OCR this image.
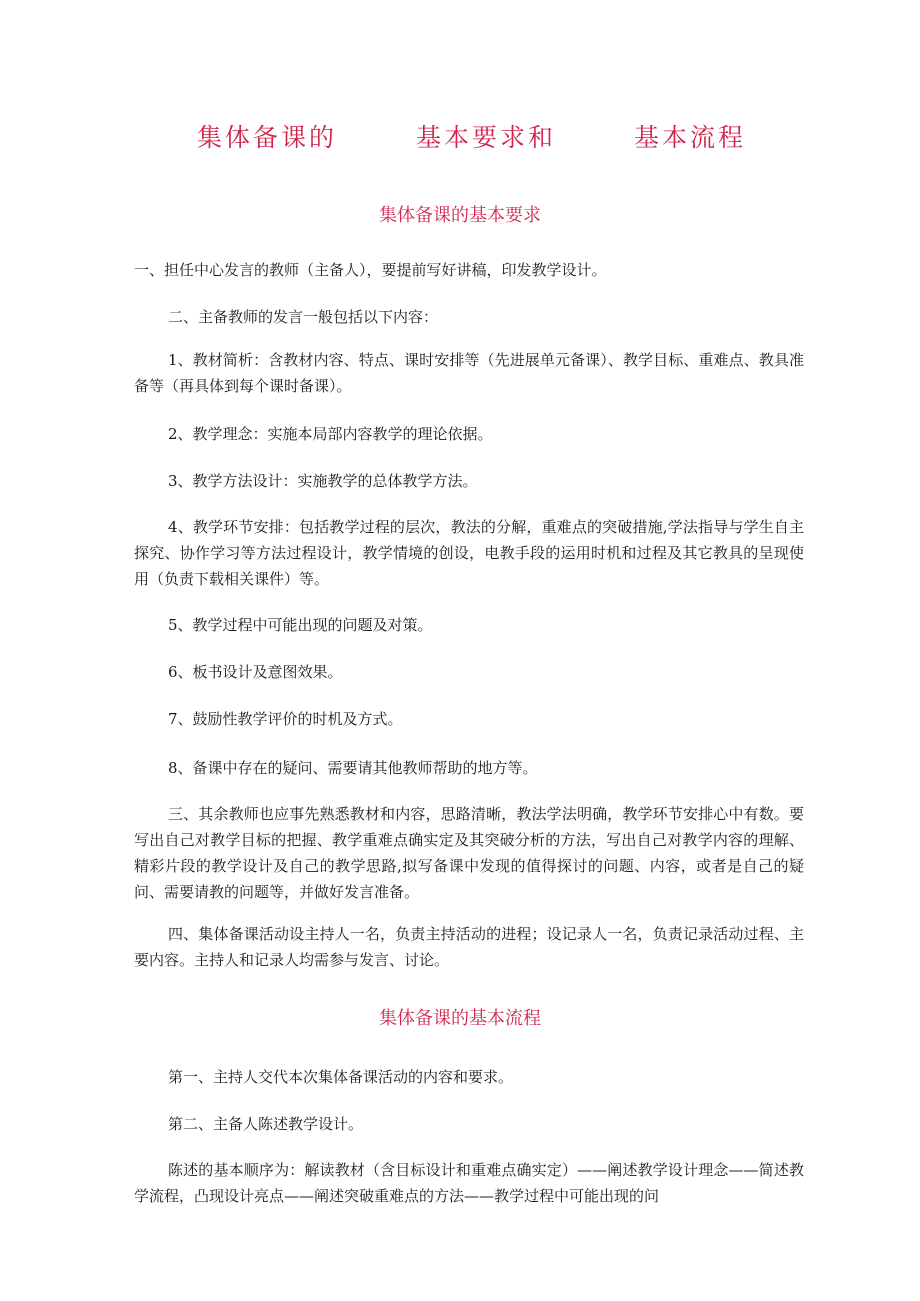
集体备课的	基本要求和	基本流程
集体备课的基本要求
一、担任中心发言的教师（主备人），要提前写好讲稿，印发教学设计。
二、主备教师的发言一般包括以下内容：
1、教材简析：含教材内容、特点、课时安排等（先进展单元备课）、教学目标、重难点、教具准备等（再具体到每个课时备课）。
2、教学理念：实施本局部内容教学的理论依据。
3、教学方法设计：实施教学的总体教学方法。
4、教学环节安排：包括教学过程的层次，教法的分解，重难点的突破措施,学法指导与学生自主探究、协作学习等方法过程设计，教学情境的创设，电教手段的运用时机和过程及其它教具的呈现使用（负责下载相关课件）等。
5、教学过程中可能出现的问题及对策。
6、板书设计及意图效果。
7、鼓励性教学评价的时机及方式。
8、备课中存在的疑问、需要请其他教师帮助的地方等。
三、其余教师也应事先熟悉教材和内容，思路清晰，教法学法明确，教学环节安排心中有数。要写出自己对教学目标的把握、教学重难点确实定及其突破分析的方法，写出自己对教学内容的理解、精彩片段的教学设计及自己的教学思路,拟写备课中发现的值得探讨的问题、内容，或者是自己的疑问、需要请教的问题等，并做好发言准备。
四、集体备课活动设主持人一名，负责主持活动的进程；设记录人一名，负责记录活动过程、主要内容。主持人和记录人均需参与发言、讨论。
集体备课的基本流程
第一、主持人交代本次集体备课活动的内容和要求。
第二、主备人陈述教学设计。
陈述的基本顺序为：解读教材（含目标设计和重难点确实定）——阐述教学设计理念——简述教学流程，凸现设计亮点——阐述突破重难点的方法——教学过程中可能出现的问
